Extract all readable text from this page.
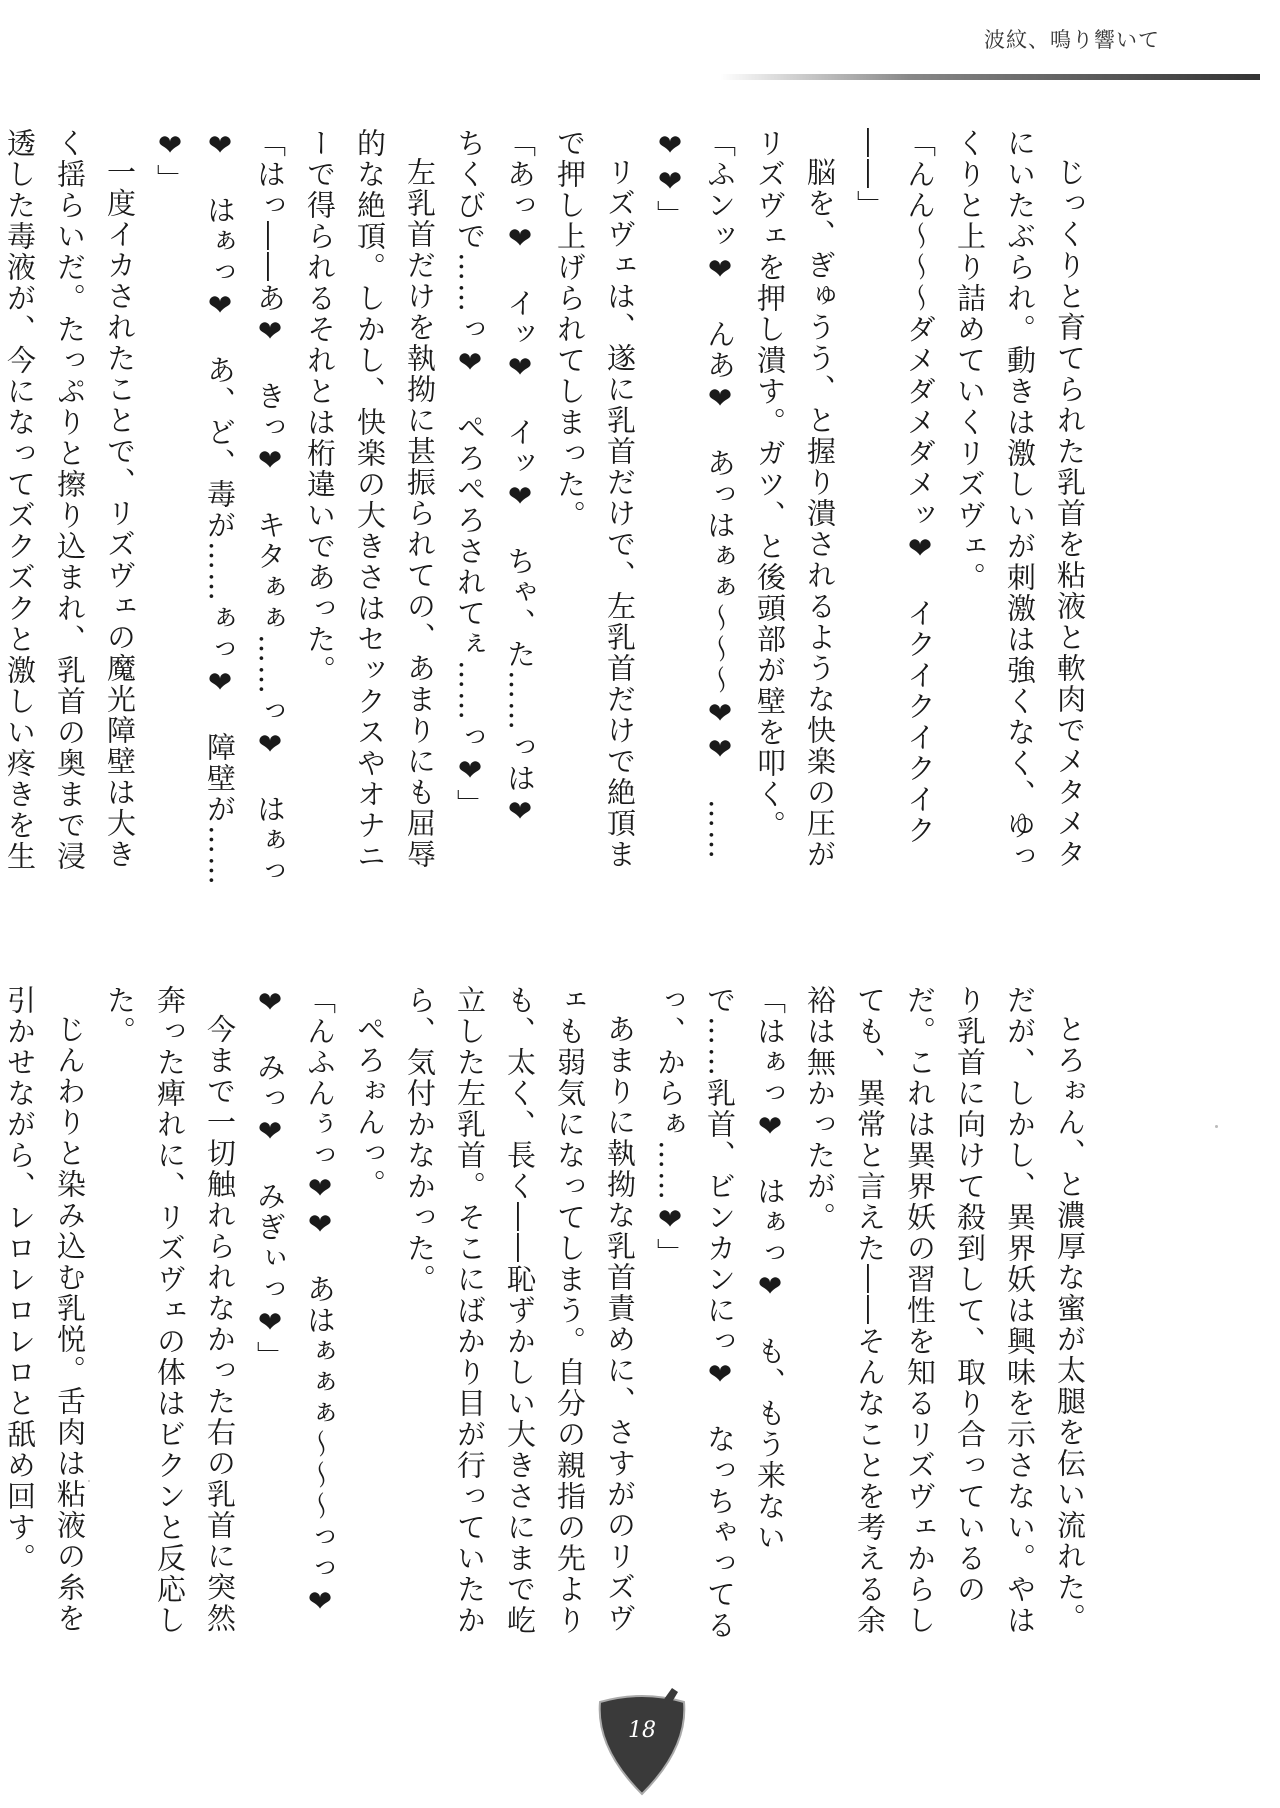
波紋、鳴り響いて

じっくりと育てられた乳首を粘液と軟肉でメタメタにいたぶられ。動きは激しいが刺激は強くなく、ゆっくりと上り詰めていくリズヴェ。

「んん〜〜〜ダメダメダメッ❤　イクイクイクイク――」

脳を、ぎゅうう、と握り潰されるような快楽の圧がリズヴェを押し潰す。ガツ、と後頭部が壁を叩く。

「ふンッ❤　んあ❤　あっはぁぁ〜〜〜❤❤　……❤❤」

リズヴェは、遂に乳首だけで、左乳首だけで絶頂まで押し上げられてしまった。

「あっ❤　イッ❤　イッ❤　ちゃ、た……っは❤　ちくびで……っ❤　ぺろぺろされてぇ……っ❤」

左乳首だけを執拗に甚振られての、あまりにも屈辱的な絶頂。しかし、快楽の大きさはセックスやオナニーで得られるそれとは桁違いであった。

「はっ――あ❤　きっ❤　キタぁぁ……っ❤　はぁっ❤　はぁっ❤　あ、ど、毒が……ぁっ❤　障壁が……❤」

一度イカされたことで、リズヴェの魔光障壁は大きく揺らいだ。たっぷりと擦り込まれ、乳首の奥まで浸透した毒液が、今になってズクズクと激しい疼きを生

とろぉん、と濃厚な蜜が太腿を伝い流れた。だが、しかし、異界妖は興味を示さない。やはり乳首に向けて殺到して、取り合っているのだ。これは異界妖の習性を知るリズヴェからしても、異常と言えた――そんなことを考える余裕は無かったが。

「はぁっ❤　はぁっ❤　も、もう来ないで……乳首、ビンカンにっ❤　なっちゃってるっ、からぁ……❤」

あまりに執拗な乳首責めに、さすがのリズヴェも弱気になってしまう。自分の親指の先よりも、太く、長く――恥ずかしい大きさにまで屹立した左乳首。そこにばかり目が行っていたから、気付かなかった。

ぺろぉんっ。

「んふんぅっ❤❤　あはぁぁぁ〜〜〜っっ❤❤　みっ❤　みぎぃっ❤」

今まで一切触れられなかった右の乳首に突然奔った痺れに、リズヴェの体はビクンと反応した。

じんわりと染み込む乳悦。舌肉は粘液の糸を引かせながら、レロレロレロと舐め回す。

18
